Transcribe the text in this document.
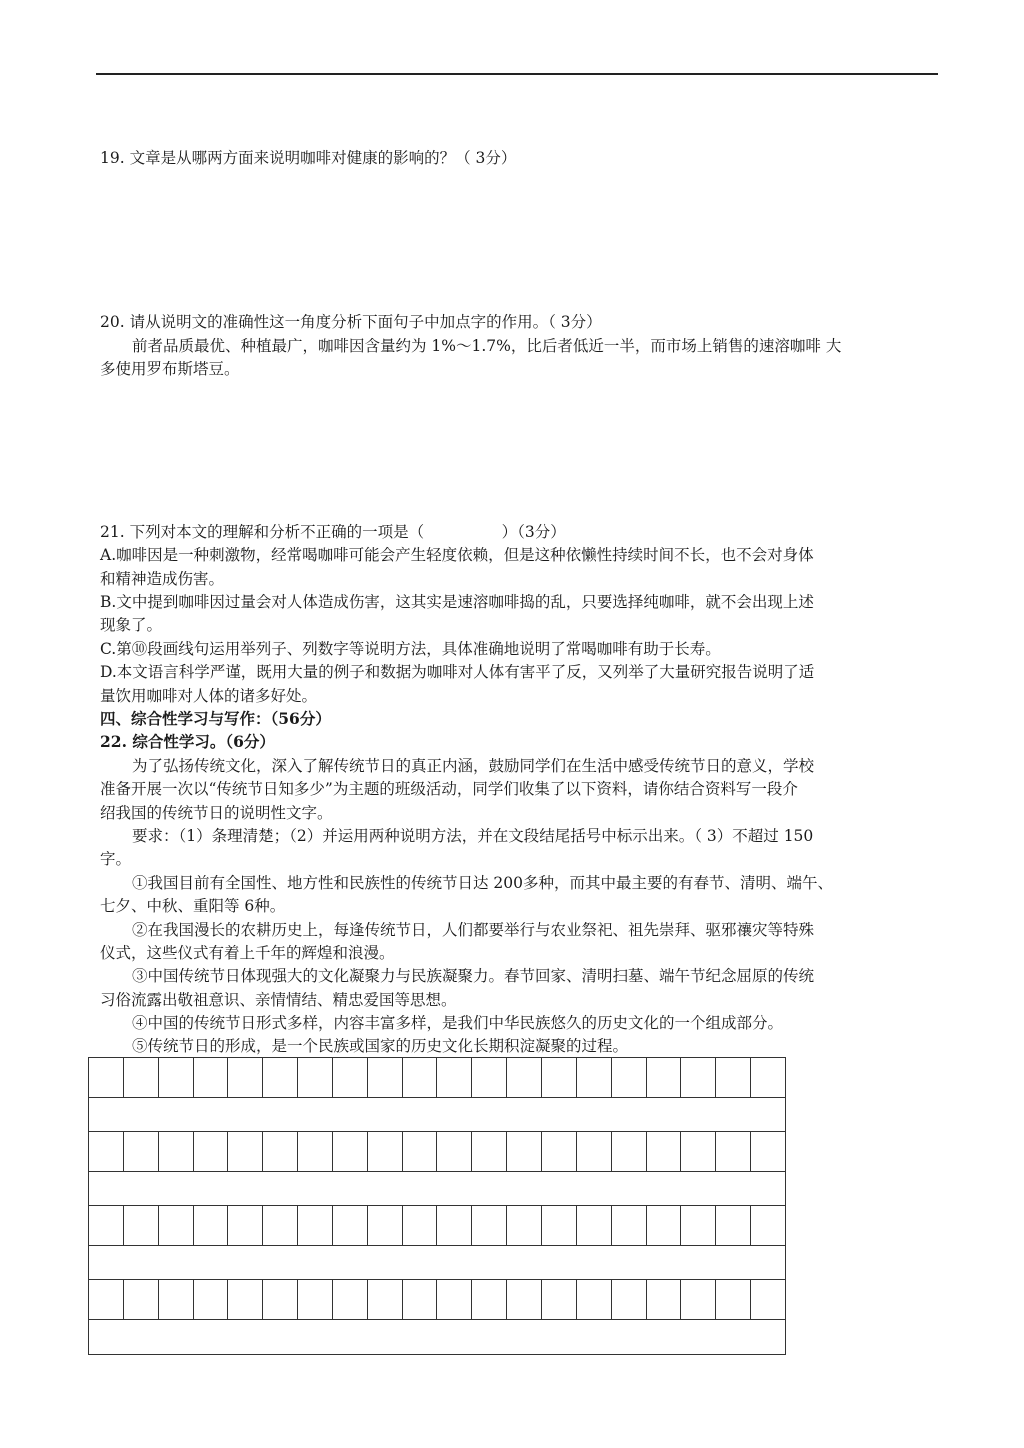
19. 文章是从哪两方面来说明咖啡对健康的影响的？（ 3分）
20. 请从说明文的准确性这一角度分析下面句子中加点字的作用。（ 3分）
前者品质最优、种植最广，咖啡因含量约为 1%～1.7%，比后者低近一半，而市场上销售的速溶咖啡 大
多使用罗布斯塔豆。
21. 下列对本文的理解和分析不正确的一项是（　　　　　）（3分）
A.咖啡因是一种刺激物，经常喝咖啡可能会产生轻度依赖，但是这种依懒性持续时间不长，也不会对身体
和精神造成伤害。
B.文中提到咖啡因过量会对人体造成伤害，这其实是速溶咖啡捣的乱，只要选择纯咖啡，就不会出现上述
现象了。
C.第⑩段画线句运用举列子、列数字等说明方法，具体准确地说明了常喝咖啡有助于长寿。
D.本文语言科学严谨，既用大量的例子和数据为咖啡对人体有害平了反，又列举了大量研究报告说明了适
量饮用咖啡对人体的诸多好处。
四、综合性学习与写作：（56分）
22. 综合性学习。（6分）
为了弘扬传统文化，深入了解传统节日的真正内涵，鼓励同学们在生活中感受传统节日的意义，学校
准备开展一次以“传统节日知多少”为主题的班级活动，同学们收集了以下资料，请你结合资料写一段介
绍我国的传统节日的说明性文字。
要求：（1）条理清楚；（2）并运用两种说明方法，并在文段结尾括号中标示出来。（ 3）不超过 150
字。
①我国目前有全国性、地方性和民族性的传统节日达 200多种，而其中最主要的有春节、清明、端午、
七夕、中秋、重阳等 6种。
②在我国漫长的农耕历史上，每逢传统节日，人们都要举行与农业祭祀、祖先崇拜、驱邪禳灾等特殊
仪式，这些仪式有着上千年的辉煌和浪漫。
③中国传统节日体现强大的文化凝聚力与民族凝聚力。春节回家、清明扫墓、端午节纪念屈原的传统
习俗流露出敬祖意识、亲情情结、精忠爱国等思想。
④中国的传统节日形式多样，内容丰富多样，是我们中华民族悠久的历史文化的一个组成部分。
⑤传统节日的形成，是一个民族或国家的历史文化长期积淀凝聚的过程。
